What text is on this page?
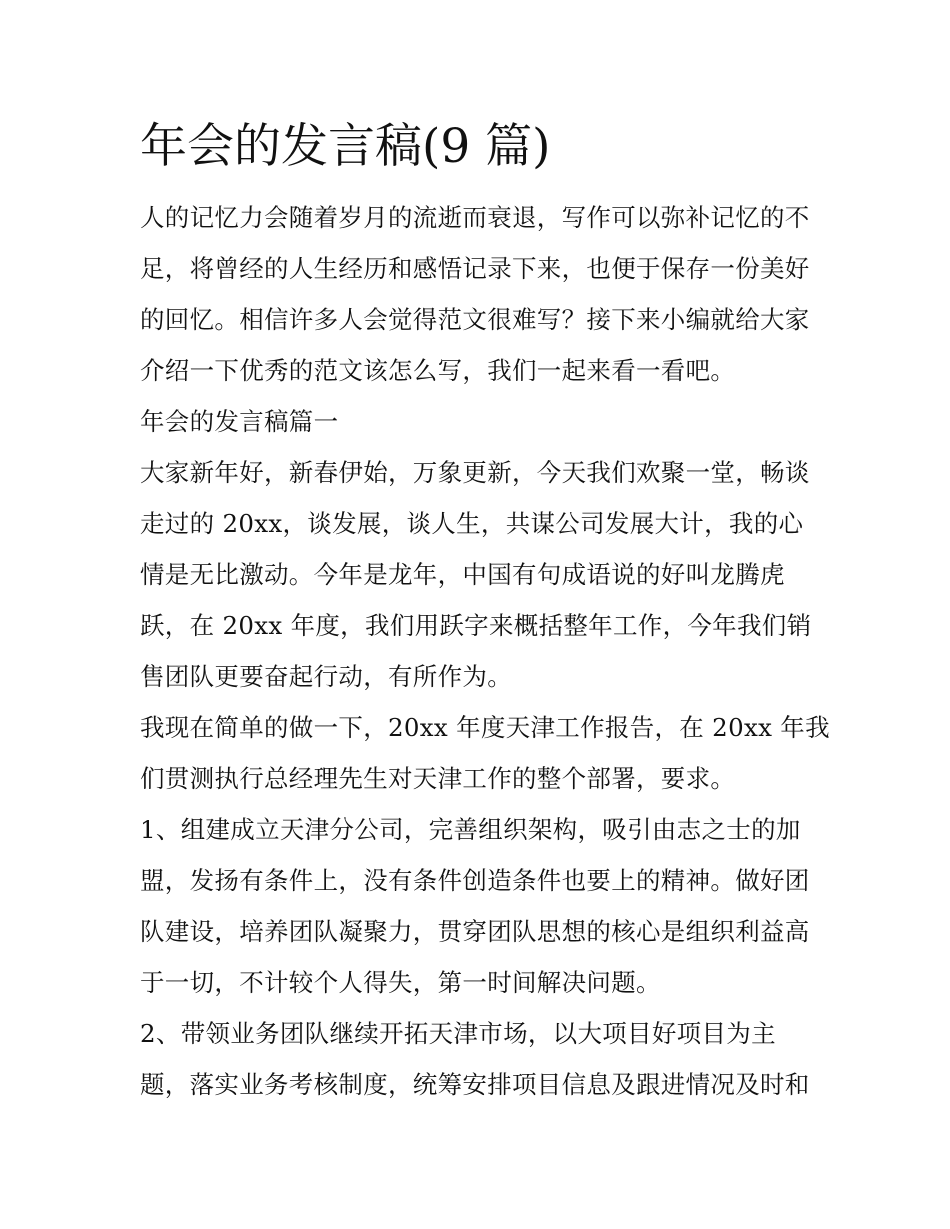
年会的发言稿(9 篇)

人的记忆力会随着岁月的流逝而衰退，写作可以弥补记忆的不
足，将曾经的人生经历和感悟记录下来，也便于保存一份美好
的回忆。相信许多人会觉得范文很难写？接下来小编就给大家
介绍一下优秀的范文该怎么写，我们一起来看一看吧。

年会的发言稿篇一

大家新年好，新春伊始，万象更新，今天我们欢聚一堂，畅谈
走过的 20xx，谈发展，谈人生，共谋公司发展大计，我的心
情是无比激动。今年是龙年，中国有句成语说的好叫龙腾虎
跃，在 20xx 年度，我们用跃字来概括整年工作，今年我们销
售团队更要奋起行动，有所作为。

我现在简单的做一下，20xx 年度天津工作报告，在 20xx 年我
们贯测执行总经理先生对天津工作的整个部署，要求。

1、组建成立天津分公司，完善组织架构，吸引由志之士的加
盟，发扬有条件上，没有条件创造条件也要上的精神。做好团
队建设，培养团队凝聚力，贯穿团队思想的核心是组织利益高
于一切，不计较个人得失，第一时间解决问题。

2、带领业务团队继续开拓天津市场，以大项目好项目为主
题，落实业务考核制度，统筹安排项目信息及跟进情况及时和
